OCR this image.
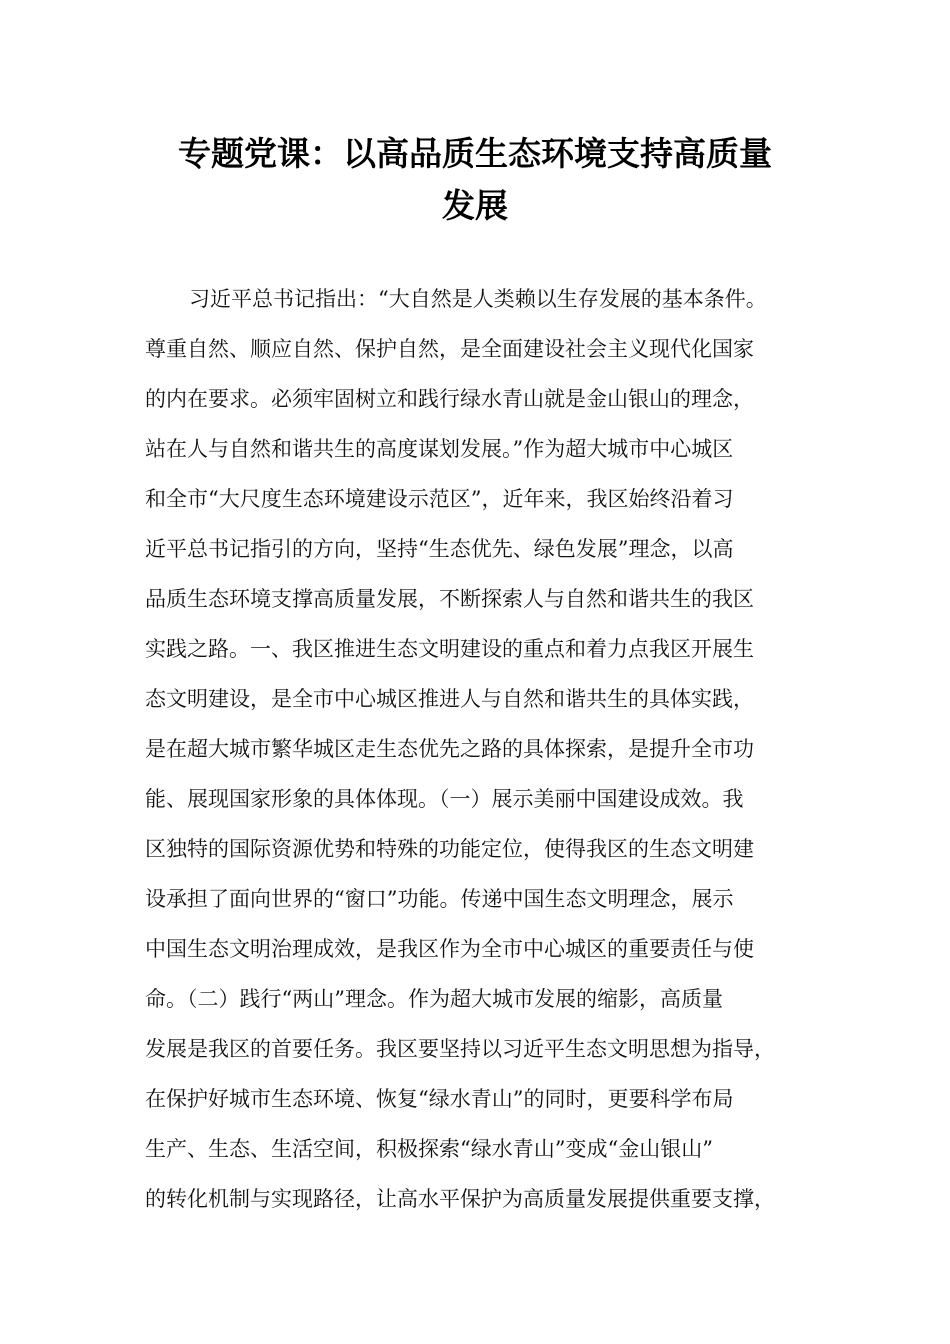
专题党课：以高品质生态环境支持高质量
发展
习近平总书记指出：“大自然是人类赖以生存发展的基本条件。
尊重自然、顺应自然、保护自然，是全面建设社会主义现代化国家
的内在要求。必须牢固树立和践行绿水青山就是金山银山的理念，
站在人与自然和谐共生的高度谋划发展。”作为超大城市中心城区
和全市“大尺度生态环境建设示范区”，近年来，我区始终沿着习
近平总书记指引的方向，坚持“生态优先、绿色发展”理念，以高
品质生态环境支撑高质量发展，不断探索人与自然和谐共生的我区
实践之路。一、我区推进生态文明建设的重点和着力点我区开展生
态文明建设，是全市中心城区推进人与自然和谐共生的具体实践，
是在超大城市繁华城区走生态优先之路的具体探索，是提升全市功
能、展现国家形象的具体体现。（一）展示美丽中国建设成效。我
区独特的国际资源优势和特殊的功能定位，使得我区的生态文明建
设承担了面向世界的“窗口”功能。传递中国生态文明理念，展示
中国生态文明治理成效，是我区作为全市中心城区的重要责任与使
命。（二）践行“两山”理念。作为超大城市发展的缩影，高质量
发展是我区的首要任务。我区要坚持以习近平生态文明思想为指导，
在保护好城市生态环境、恢复“绿水青山”的同时，更要科学布局
生产、生态、生活空间，积极探索“绿水青山”变成“金山银山”
的转化机制与实现路径，让高水平保护为高质量发展提供重要支撑，
